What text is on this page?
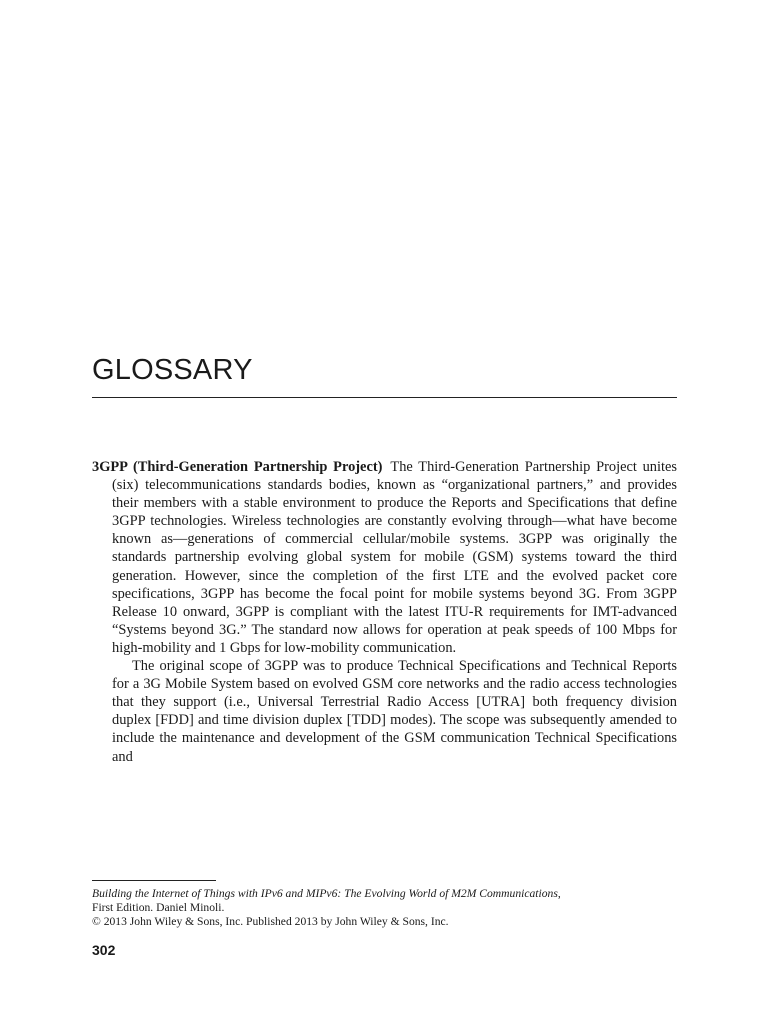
GLOSSARY

3GPP (Third-Generation Partnership Project) The Third-Generation Partnership Project unites (six) telecommunications standards bodies, known as “organizational partners,” and provides their members with a stable environment to produce the Reports and Specifications that define 3GPP technologies. Wireless technologies are constantly evolving through—what have become known as—generations of commercial cellular/mobile systems. 3GPP was originally the standards partnership evolving global system for mobile (GSM) systems toward the third generation. However, since the completion of the first LTE and the evolved packet core specifications, 3GPP has become the focal point for mobile systems beyond 3G. From 3GPP Release 10 onward, 3GPP is compliant with the latest ITU-R requirements for IMT-advanced “Systems beyond 3G.” The standard now allows for operation at peak speeds of 100 Mbps for high-mobility and 1 Gbps for low-mobility communication.

The original scope of 3GPP was to produce Technical Specifications and Technical Reports for a 3G Mobile System based on evolved GSM core networks and the radio access technologies that they support (i.e., Universal Terrestrial Radio Access [UTRA] both frequency division duplex [FDD] and time division duplex [TDD] modes). The scope was subsequently amended to include the maintenance and development of the GSM communication Technical Specifications and

Building the Internet of Things with IPv6 and MIPv6: The Evolving World of M2M Communications,
First Edition. Daniel Minoli.
© 2013 John Wiley & Sons, Inc. Published 2013 by John Wiley & Sons, Inc.
302
